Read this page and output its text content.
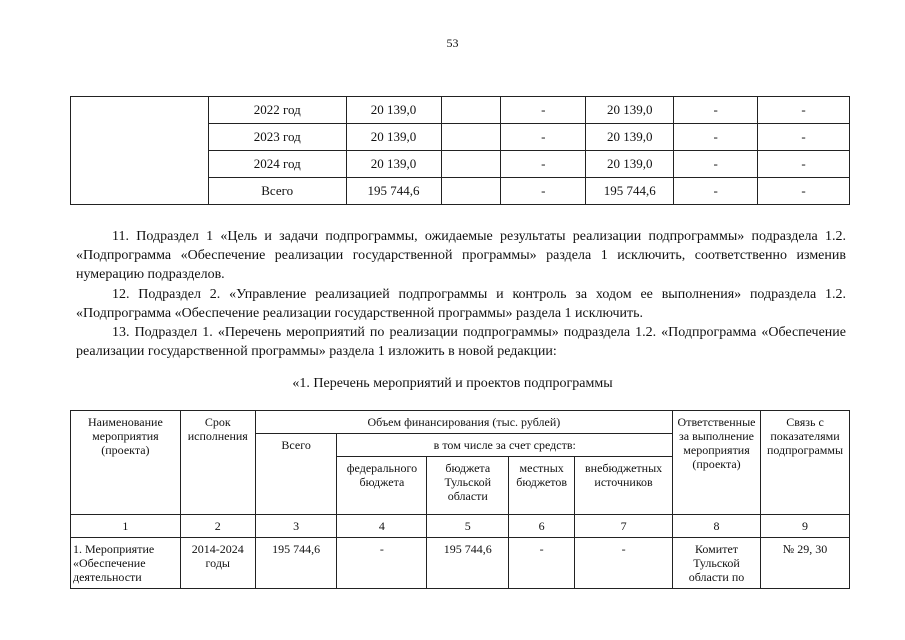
53
	2022 год	20 139,0		-	20 139,0	-	-
	2023 год	20 139,0		-	20 139,0	-	-
	2024 год	20 139,0		-	20 139,0	-	-
	Всего	195 744,6		-	195 744,6	-	-

11. Подраздел 1 «Цель и задачи подпрограммы, ожидаемые результаты реализации подпрограммы» подраздела 1.2. «Подпрограмма «Обеспечение реализации государственной программы» раздела 1 исключить, соответственно изменив нумерацию подразделов.

12. Подраздел 2. «Управление реализацией подпрограммы и контроль за ходом ее выполнения» подраздела 1.2. «Подпрограмма «Обеспечение реализации государственной программы» раздела 1 исключить.

13. Подраздел 1. «Перечень мероприятий по реализации подпрограммы» подраздела 1.2. «Подпрограмма «Обеспечение реализации государственной программы» раздела 1 изложить в новой редакции:

«1. Перечень мероприятий и проектов подпрограммы
Наименование мероприятия (проекта)	Срок исполнения	Объем финансирования (тыс. рублей)					Ответственные за выполнение мероприятия (проекта)	Связь с показателями подпрограммы
		Всего	в том числе за счет средств:					
			федерального бюджета	бюджета Тульской области	местных бюджетов	внебюджетных источников		
1	2	3	4	5	6	7	8	9
1. Мероприятие «Обеспечение деятельности	2014-2024 годы	195 744,6	-	195 744,6	-	-	Комитет Тульской области по	№ 29, 30
